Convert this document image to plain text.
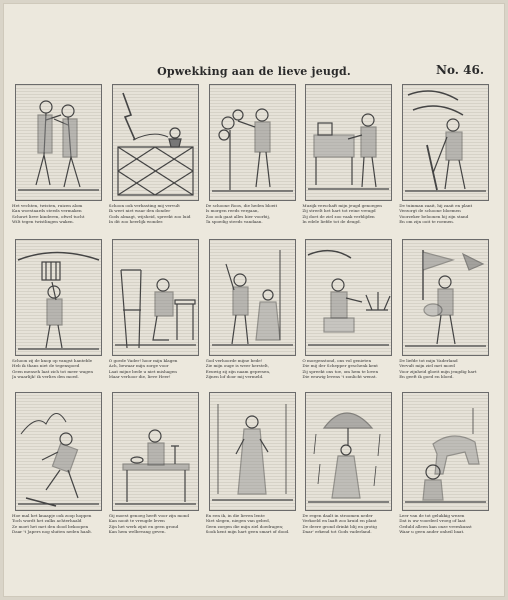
Opwekking aan de lieve jeugd.	No. 46.
Het vechten, twisten, ruizen alom
Kan woestaards steeds vermaken
Schuwt lieve kinderen, ofwel tucht
Wilt tegen twistlingen waken.
Schoon ook verbasting mij vervult
Ik weet niet waar den donder
Gods almagt, wijsheid, spreekt zoo luid
In dit zoo heerlijk wonder.
De schoone Roos, die heden bloeit
Is morgen reeds vergaan,
Zoo ook gaat alles hier voorbij,
Ta spoedig steeds vandaan.
Muzijk verschaft mijn jeugd genoegen
Zij streelt het hart tot reine vreugd
Zij doet de ziel zoo vaak verblijden
In edele liefde tot de deugd.
De tuinman zaait, hij zaait en plant
Verzorgt de schoone bloemen
Voorzeker beloonen hij zijn stand
En om zijn ooit te roemen.
Schoon zij de knop op vangst hanteble
Heb ik thans niet de tegenspoed
Geen menseh laat zich tot meer wagen
Ja waarlijk! ik verlies den moed.
O goede Vader! hoor mijn klagen
Ach, bewaar mijn zorge voor
Laat mijne bede u niet mishagen
Maar verhoor die, lieve Heer!
God verhoorde mijne bede!
Zie mijn ouge is weer herstelt,
Eeuwig zij zijn naam gepresen,
Zijnen lof door mij vermeld.
O morgenstond, ons vol genieten
Die mij der Schepper geschenk kent
Zij spreekt ons toe, om hem te loven
Die eeuwig levens 't zonlicht wenst.
De liefde tot mijn Vaderland
Vervult mijn ziel met moed
Voor zijnheid gloeit mijn jeugdig hart
En geeft ik goed en bloed.
Hoe mal het knaapje ook zoop hoppen
Toch wordt het zulks achterhaald
Ze moet het met den dood bekoopen
Daar 't Japers nog sluiten neden haalt.
Gij moest genoeg heeft voor zijn mond
Kan nooit te vreugde leven
Zijn het werk zijnt en geen grond
Kan hem welbevang geven.
En een ik, in die lieven lente
Niet slegen, niegen van gebed,
Geen zorgen die mijn ziel doedragen;
Sook kent mijn hart geen smart of dood.
De regen daalt in stroomen neder
Verkoeld en laaft zoo kruid en plant
De deere grond drinkt blij en grotig
Daar' erkend tot Gods vaderland.
Leer van de tot gelukkig wezen
Dat is uw voordeel vroeg of laat
Geduld alleen kan onze vreeskunst
Waar u geen ander onheil baat.
